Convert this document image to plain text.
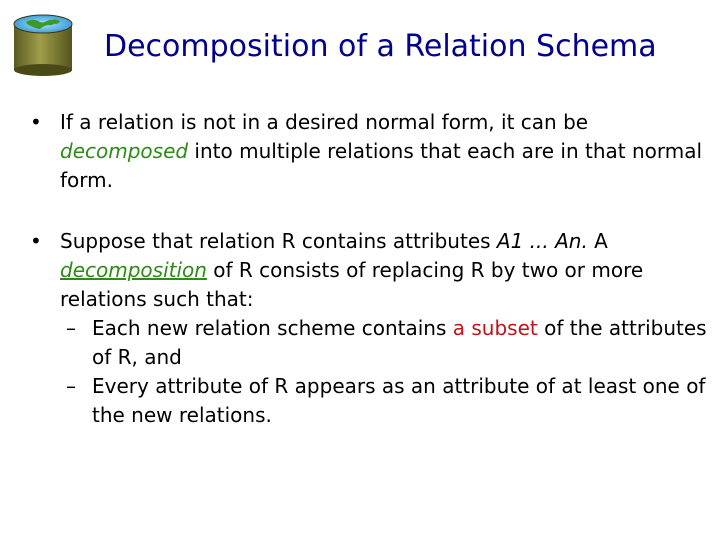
Decomposition of a Relation Schema
• If a relation is not in a desired normal form, it can be
decomposed into multiple relations that each are in that normal form.
• Suppose that relation R contains attributes A1 ... An. A
decomposition of R consists of replacing R by two or more relations such that:
– Each new relation scheme contains a subset of the attributes of R, and
– Every attribute of R appears as an attribute of at least one of the new relations.
